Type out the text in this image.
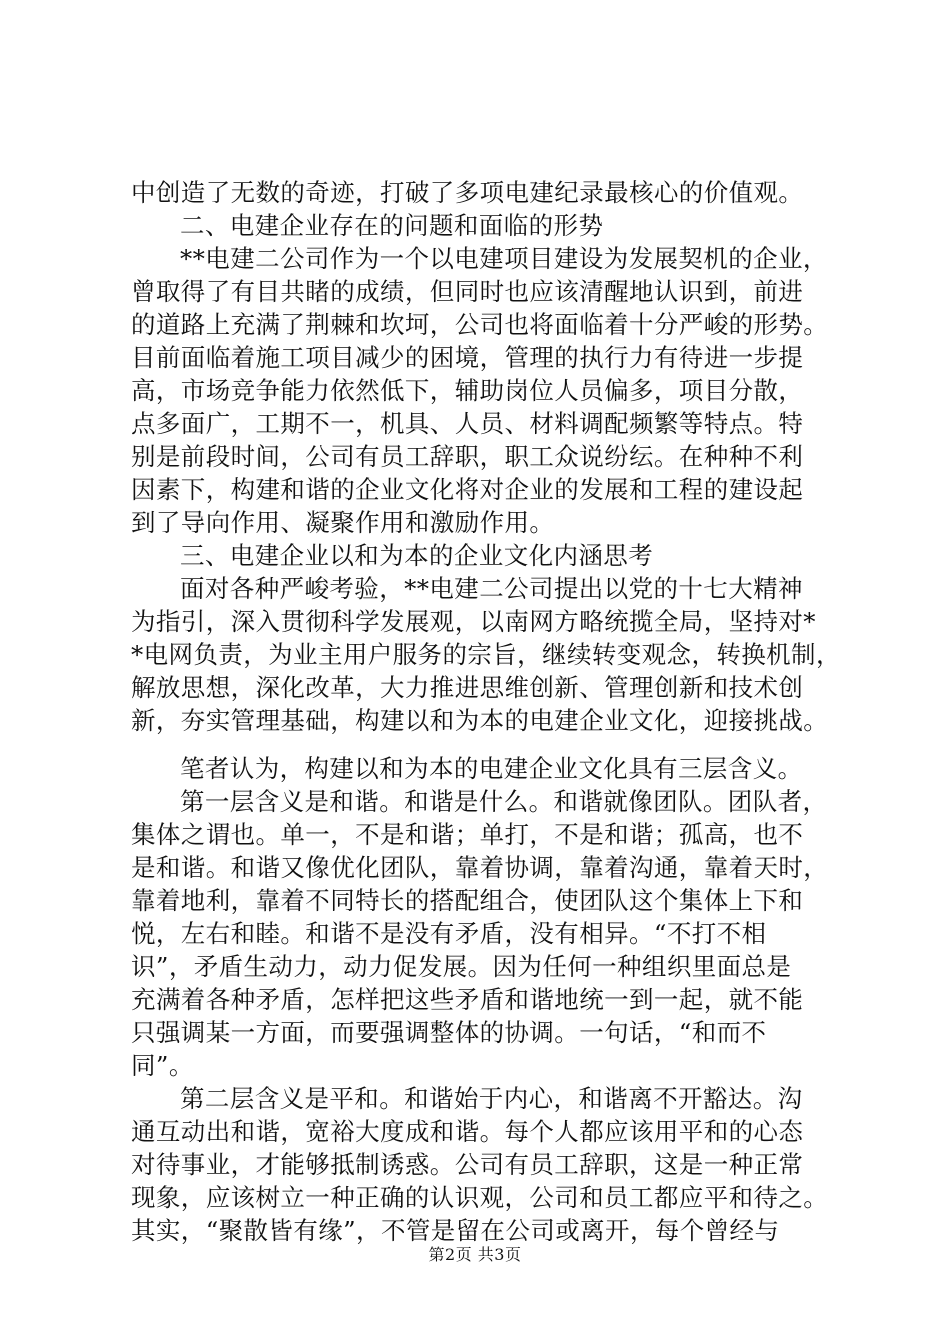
中创造了无数的奇迹，打破了多项电建纪录最核心的价值观。
二、电建企业存在的问题和面临的形势
**电建二公司作为一个以电建项目建设为发展契机的企业，
曾取得了有目共睹的成绩，但同时也应该清醒地认识到，前进
的道路上充满了荆棘和坎坷，公司也将面临着十分严峻的形势。
目前面临着施工项目减少的困境，管理的执行力有待进一步提
高，市场竞争能力依然低下，辅助岗位人员偏多，项目分散，
点多面广，工期不一，机具、人员、材料调配频繁等特点。特
别是前段时间，公司有员工辞职，职工众说纷纭。在种种不利
因素下，构建和谐的企业文化将对企业的发展和工程的建设起
到了导向作用、凝聚作用和激励作用。
三、电建企业以和为本的企业文化内涵思考
面对各种严峻考验，**电建二公司提出以党的十七大精神
为指引，深入贯彻科学发展观，以南网方略统揽全局，坚持对*
*电网负责，为业主用户服务的宗旨，继续转变观念，转换机制，
解放思想，深化改革，大力推进思维创新、管理创新和技术创
新，夯实管理基础，构建以和为本的电建企业文化，迎接挑战。
笔者认为，构建以和为本的电建企业文化具有三层含义。
第一层含义是和谐。和谐是什么。和谐就像团队。团队者，
集体之谓也。单一，不是和谐；单打，不是和谐；孤高，也不
是和谐。和谐又像优化团队，靠着协调，靠着沟通，靠着天时，
靠着地利，靠着不同特长的搭配组合，使团队这个集体上下和
悦，左右和睦。和谐不是没有矛盾，没有相异。“不打不相
识”，矛盾生动力，动力促发展。因为任何一种组织里面总是
充满着各种矛盾，怎样把这些矛盾和谐地统一到一起，就不能
只强调某一方面，而要强调整体的协调。一句话，“和而不
同”。
第二层含义是平和。和谐始于内心，和谐离不开豁达。沟
通互动出和谐，宽裕大度成和谐。每个人都应该用平和的心态
对待事业，才能够抵制诱惑。公司有员工辞职，这是一种正常
现象，应该树立一种正确的认识观，公司和员工都应平和待之。
其实，“聚散皆有缘”，不管是留在公司或离开，每个曾经与
第2页 共3页
